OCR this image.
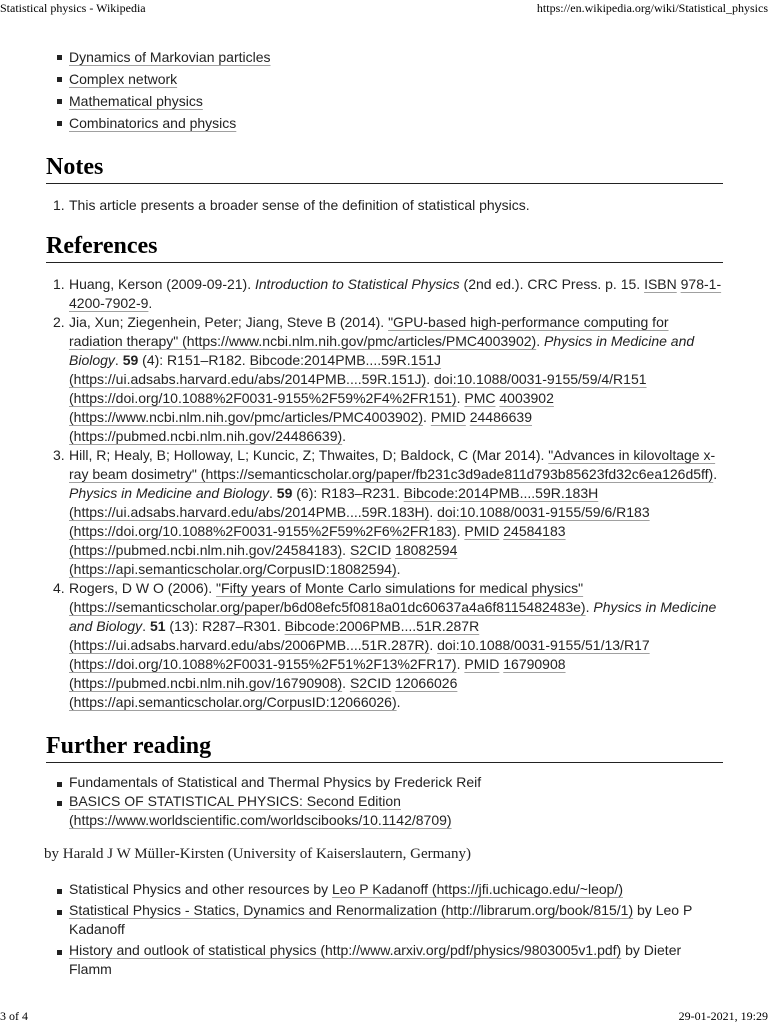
Statistical physics - Wikipedia	https://en.wikipedia.org/wiki/Statistical_physics
Dynamics of Markovian particles
Complex network
Mathematical physics
Combinatorics and physics
Notes
This article presents a broader sense of the definition of statistical physics.
References
Huang, Kerson (2009-09-21). Introduction to Statistical Physics (2nd ed.). CRC Press. p. 15. ISBN 978-1-4200-7902-9.
Jia, Xun; Ziegenhein, Peter; Jiang, Steve B (2014). "GPU-based high-performance computing for radiation therapy" (https://www.ncbi.nlm.nih.gov/pmc/articles/PMC4003902). Physics in Medicine and Biology. 59 (4): R151–R182. Bibcode:2014PMB....59R.151J (https://ui.adsabs.harvard.edu/abs/2014PMB....59R.151J). doi:10.1088/0031-9155/59/4/R151 (https://doi.org/10.1088%2F0031-9155%2F59%2F4%2FR151). PMC 4003902 (https://www.ncbi.nlm.nih.gov/pmc/articles/PMC4003902). PMID 24486639 (https://pubmed.ncbi.nlm.nih.gov/24486639).
Hill, R; Healy, B; Holloway, L; Kuncic, Z; Thwaites, D; Baldock, C (Mar 2014). "Advances in kilovoltage x-ray beam dosimetry" (https://semanticscholar.org/paper/fb231c3d9ade811d793b85623fd32c6ea126d5ff). Physics in Medicine and Biology. 59 (6): R183–R231. Bibcode:2014PMB....59R.183H (https://ui.adsabs.harvard.edu/abs/2014PMB....59R.183H). doi:10.1088/0031-9155/59/6/R183 (https://doi.org/10.1088%2F0031-9155%2F59%2F6%2FR183). PMID 24584183 (https://pubmed.ncbi.nlm.nih.gov/24584183). S2CID 18082594 (https://api.semanticscholar.org/CorpusID:18082594).
Rogers, D W O (2006). "Fifty years of Monte Carlo simulations for medical physics" (https://semanticscholar.org/paper/b6d08efc5f0818a01dc60637a4a6f8115482483e). Physics in Medicine and Biology. 51 (13): R287–R301. Bibcode:2006PMB....51R.287R (https://ui.adsabs.harvard.edu/abs/2006PMB....51R.287R). doi:10.1088/0031-9155/51/13/R17 (https://doi.org/10.1088%2F0031-9155%2F51%2F13%2FR17). PMID 16790908 (https://pubmed.ncbi.nlm.nih.gov/16790908). S2CID 12066026 (https://api.semanticscholar.org/CorpusID:12066026).
Further reading
Fundamentals of Statistical and Thermal Physics by Frederick Reif
BASICS OF STATISTICAL PHYSICS: Second Edition (https://www.worldscientific.com/worldscibooks/10.1142/8709)

by Harald J W Müller-Kirsten (University of Kaiserslautern, Germany)

Statistical Physics and other resources by Leo P Kadanoff (https://jfi.uchicago.edu/~leop/)
Statistical Physics - Statics, Dynamics and Renormalization (http://librarum.org/book/815/1) by Leo P Kadanoff
History and outlook of statistical physics (http://www.arxiv.org/pdf/physics/9803005v1.pdf) by Dieter Flamm
3 of 4	29-01-2021, 19:29
